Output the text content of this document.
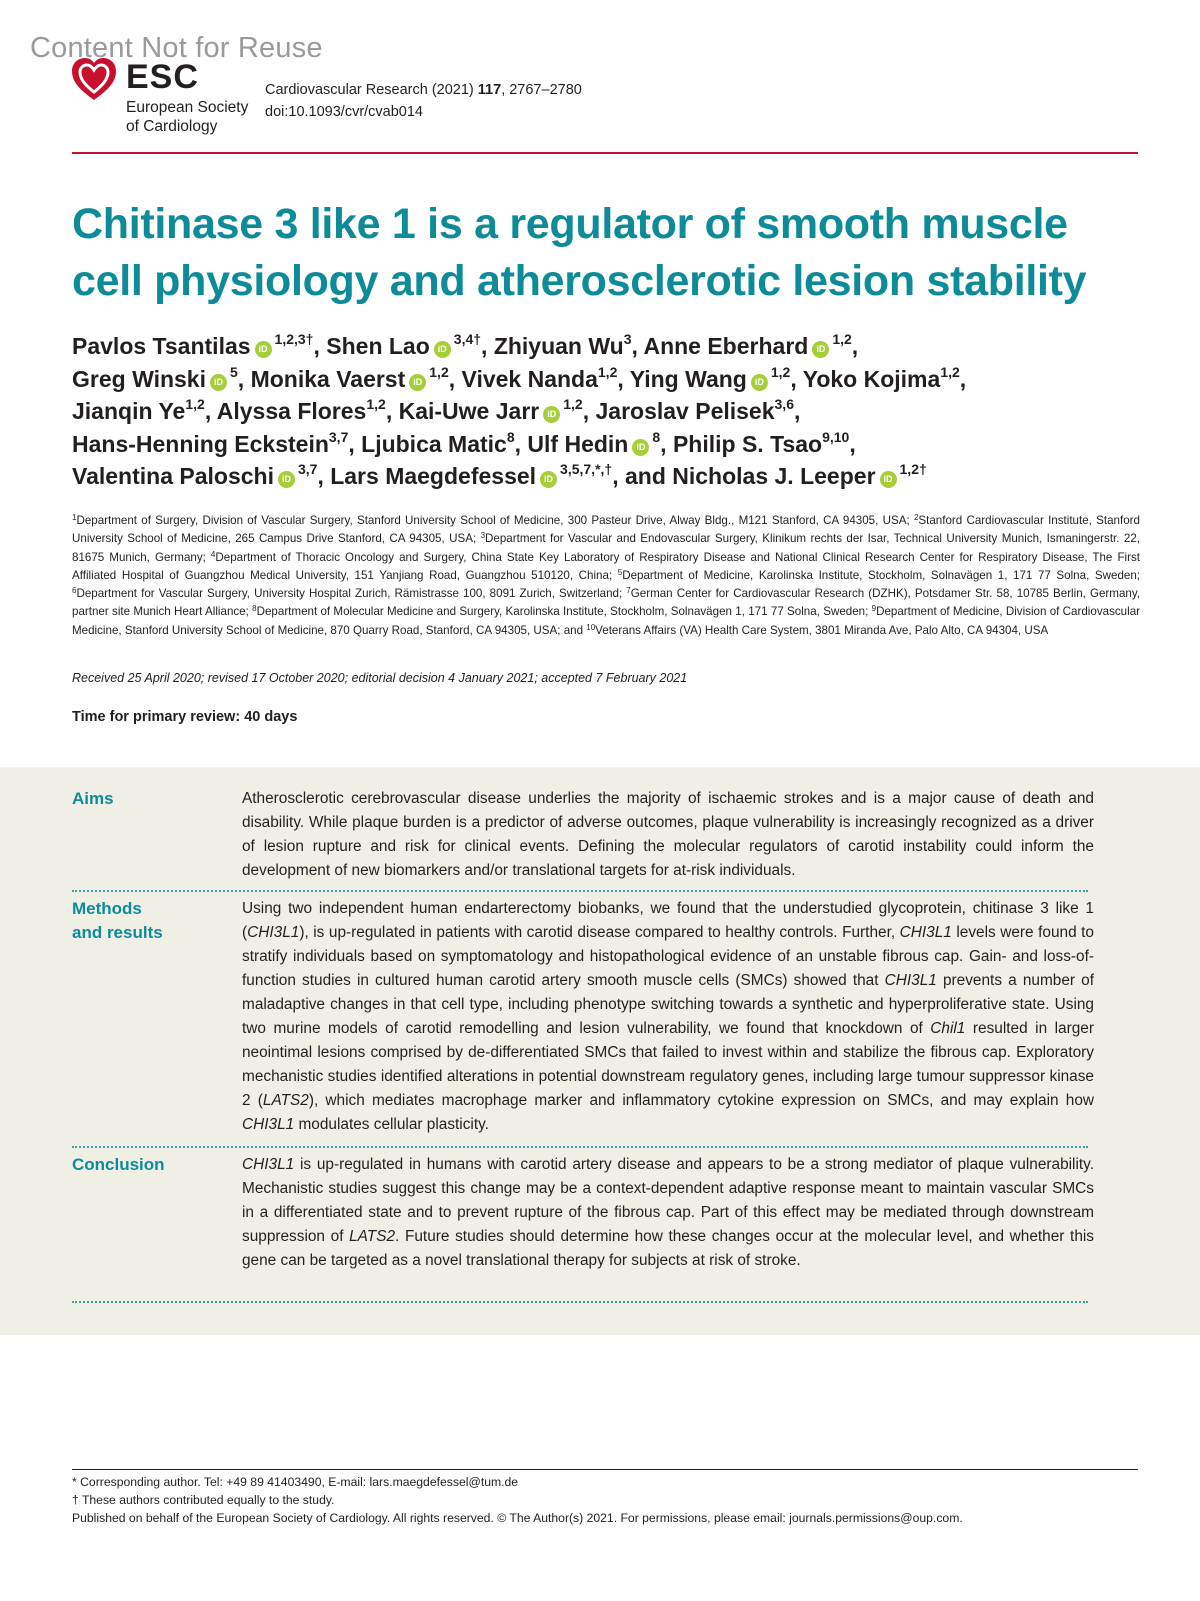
Content Not for Reuse
ESC
European Society
of Cardiology
Cardiovascular Research (2021) 117, 2767–2780
doi:10.1093/cvr/cvab014
Chitinase 3 like 1 is a regulator of smooth muscle
cell physiology and atherosclerotic lesion stability
Pavlos Tsantilas $iD^{1,2,3\dagger}$, Shen Lao $iD^{3,4\dagger}$, Zhiyuan Wu$^3$, Anne Eberhard iD$^{1,2}$,
Greg Winski $iD^5$, Monika Vaerst iD$^{1,2}$, Vivek Nanda$^{1,2}$, Ying Wang iD$^{1,2}$, Yoko Kojima$^{1,2}$,
Jianqin Ye$^{1,2}$, Alyssa Flores$^{1,2}$, Kai-Uwe Jarr iD$^{1,2}$, Jaroslav Pelisek$^{3,6}$,
Hans-Henning Eckstein$^{3,7}$, Ljubica Matic$^8$, Ulf Hedin $iD^8$, Philip S. Tsao$^{9,10}$,
Valentina Paloschi iD$^{3,7}$, Lars Maegdefessel $iD^{3,5,7,*,\dagger}$, and Nicholas J. Leeper $iD^{1,2\dagger}$
$^1$Department of Surgery, Division of Vascular Surgery, Stanford University School of Medicine, 300 Pasteur Drive, Alway Bldg., M121 Stanford, CA 94305, USA; $^2$Stanford Cardiovascular Institute, Stanford University School of Medicine, 265 Campus Drive Stanford, CA 94305, USA; $^3$Department for Vascular and Endovascular Surgery, Klinikum rechts der Isar, Technical University Munich, Ismaningerstr. 22, 81675 Munich, Germany; $^4$Department of Thoracic Oncology and Surgery, China State Key Laboratory of Respiratory Disease and National Clinical Research Center for Respiratory Disease, The First Affiliated Hospital of Guangzhou Medical University, 151 Yanjiang Road, Guangzhou 510120, China; $^5$Department of Medicine, Karolinska Institute, Stockholm, Solnavägen 1, 171 77 Solna, Sweden; $^6$Department for Vascular Surgery, University Hospital Zurich, Rämistrasse 100, 8091 Zurich, Switzerland; $^7$German Center for Cardiovascular Research (DZHK), Potsdamer Str. 58, 10785 Berlin, Germany, partner site Munich Heart Alliance; $^8$Department of Molecular Medicine and Surgery, Karolinska Institute, Stockholm, Solnavägen 1, 171 77 Solna, Sweden; $^9$Department of Medicine, Division of Cardiovascular Medicine, Stanford University School of Medicine, 870 Quarry Road, Stanford, CA 94305, USA; and $^{10}$Veterans Affairs (VA) Health Care System, 3801 Miranda Ave, Palo Alto, CA 94304, USA
Received 25 April 2020; revised 17 October 2020; editorial decision 4 January 2021; accepted 7 February 2021
Time for primary review: 40 days
Aims	Atherosclerotic cerebrovascular disease underlies the majority of ischaemic strokes and is a major cause of death and disability. While plaque burden is a predictor of adverse outcomes, plaque vulnerability is increasingly recognized as a driver of lesion rupture and risk for clinical events. Defining the molecular regulators of carotid instability could inform the development of new biomarkers and/or translational targets for at-risk individuals.
Methods
and results
Using two independent human endarterectomy biobanks, we found that the understudied glycoprotein, chitinase 3 like 1 (CHI3L1), is up-regulated in patients with carotid disease compared to healthy controls. Further, CHI3L1 levels were found to stratify individuals based on symptomatology and histopathological evidence of an unstable fibrous cap. Gain- and loss-of-function studies in cultured human carotid artery smooth muscle cells (SMCs) showed that CHI3L1 prevents a number of maladaptive changes in that cell type, including phenotype switching towards a synthetic and hyperproliferative state. Using two murine models of carotid remodelling and lesion vulnerability, we found that knockdown of Chil1 resulted in larger neointimal lesions comprised by de-differentiated SMCs that failed to invest within and stabilize the fibrous cap. Exploratory mechanistic studies identified alterations in potential downstream regulatory genes, including large tumour suppressor kinase 2 (LATS2), which mediates macrophage marker and inflammatory cytokine expression on SMCs, and may explain how CHI3L1 modulates cellular plasticity.
Conclusion	CHI3L1 is up-regulated in humans with carotid artery disease and appears to be a strong mediator of plaque vulnerability. Mechanistic studies suggest this change may be a context-dependent adaptive response meant to maintain vascular SMCs in a differentiated state and to prevent rupture of the fibrous cap. Part of this effect may be mediated through downstream suppression of LATS2. Future studies should determine how these changes occur at the molecular level, and whether this gene can be targeted as a novel translational therapy for subjects at risk of stroke.
* Corresponding author. Tel: +49 89 41403490, E-mail: lars.maegdefessel@tum.de
† These authors contributed equally to the study.
Published on behalf of the European Society of Cardiology. All rights reserved. © The Author(s) 2021. For permissions, please email: journals.permissions@oup.com.
